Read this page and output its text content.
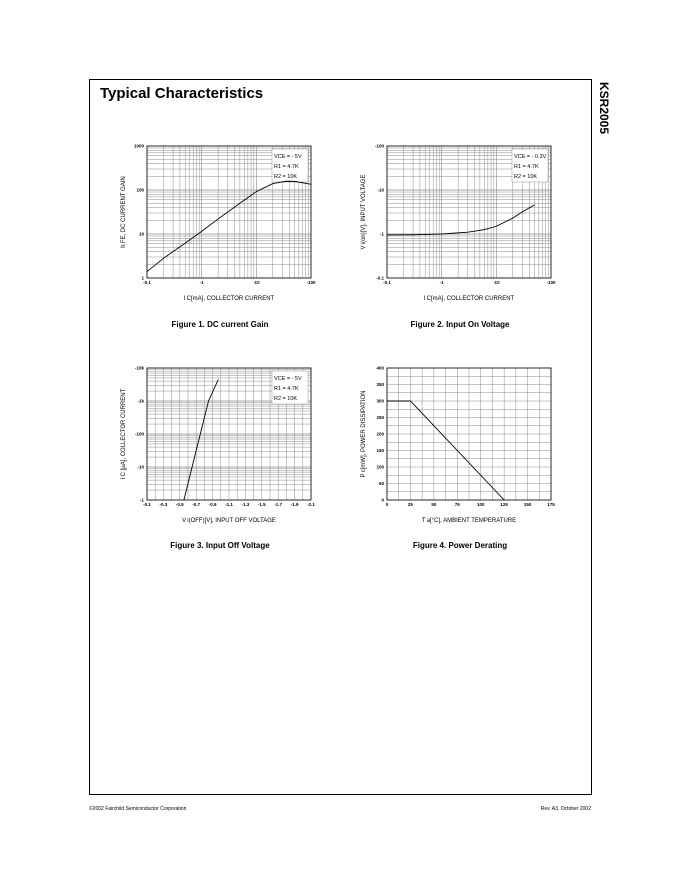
Typical Characteristics	KSR2005
-0.1	-1	-10	-100
1
10
100
1000
I C[mA], COLLECTOR CURRENT
h FE, DC CURRENT GAIN
VCE = - 5V
R1 = 4.7K
R2 = 10K
-0.1	-1	-10	-100
-0.1
-1
-10
-100
I C[mA], COLLECTOR CURRENT
V i(on)[V], INPUT VOLTAGE
VCE = - 0.3V
R1 = 4.7K
R2 = 10K
-0.1 -0.3 -0.5 -0.7 -0.9 -1.1 -1.3 -1.5 -1.7 -1.9 -2.1
-1
-10
-100
-1k
-10k
V i(OFF)[V], INPUT OFF VOLTAGE
I C [µA], COLLECTOR CURRENT
VCE = - 5V
R1 = 4.7K
R2 = 10K
0	25	50	75	100	125	150	175
0
50
100
150
200
250
300
350
400
T a[°C], AMBIENT TEMPERATURE
P c[mW], POWER DISSIPATION
Figure 1. DC current Gain	Figure 2. Input On Voltage
Figure 3. Input Off Voltage	Figure 4. Power Derating
©2002 Fairchild Semiconductor Corporation	Rev. A3, October 2002
